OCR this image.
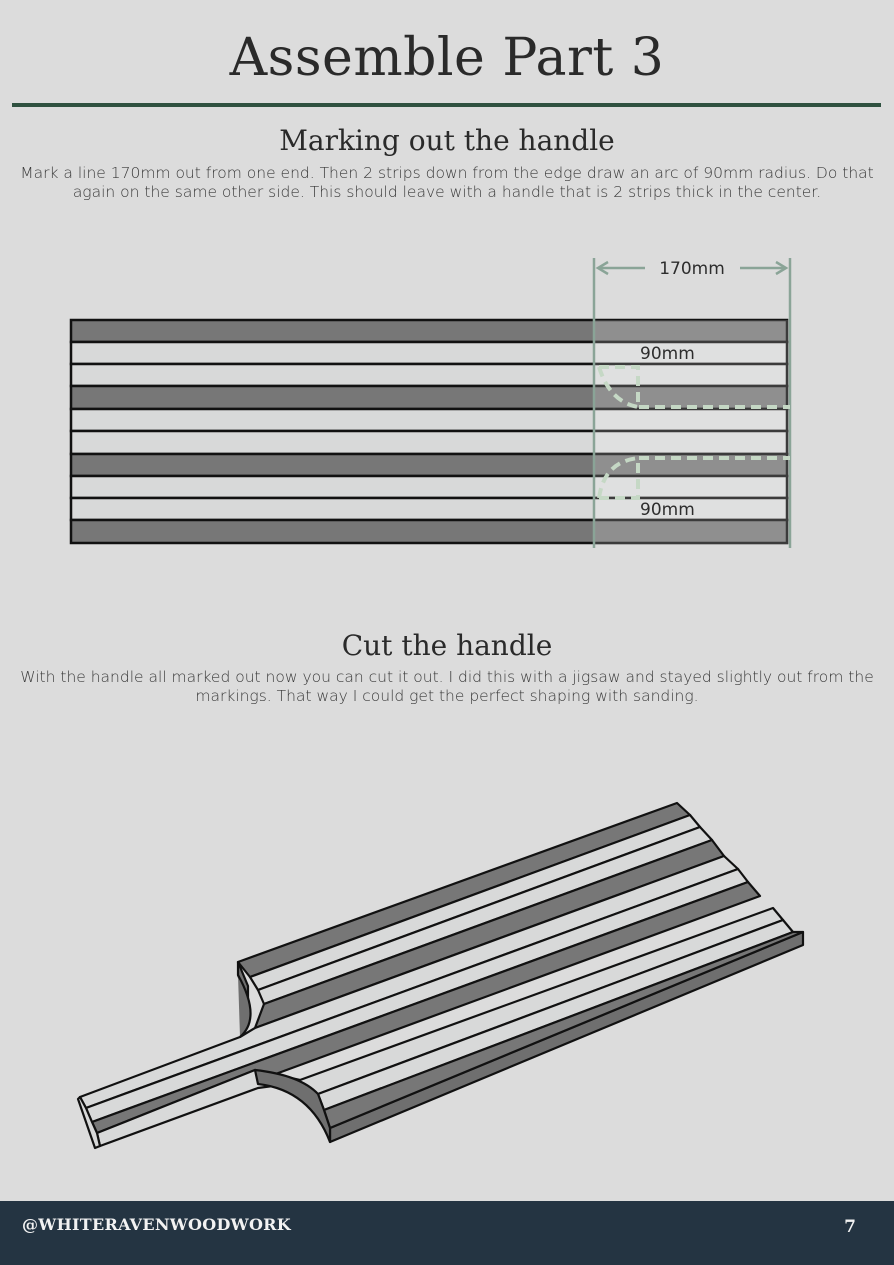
Assemble Part 3
Marking out the handle

Mark a line 170mm out from one end. Then 2 strips down from the edge draw an arc of 90mm radius. Do that again on the same other side. This should leave with a handle that is 2 strips thick in the center.

170mm
90mm
90mm
Cut the handle

With the handle all marked out now you can cut it out. I did this with a jigsaw and stayed slightly out from the markings. That way I could get the perfect shaping with sanding.

@WHITERAVENWOODWORK	7
